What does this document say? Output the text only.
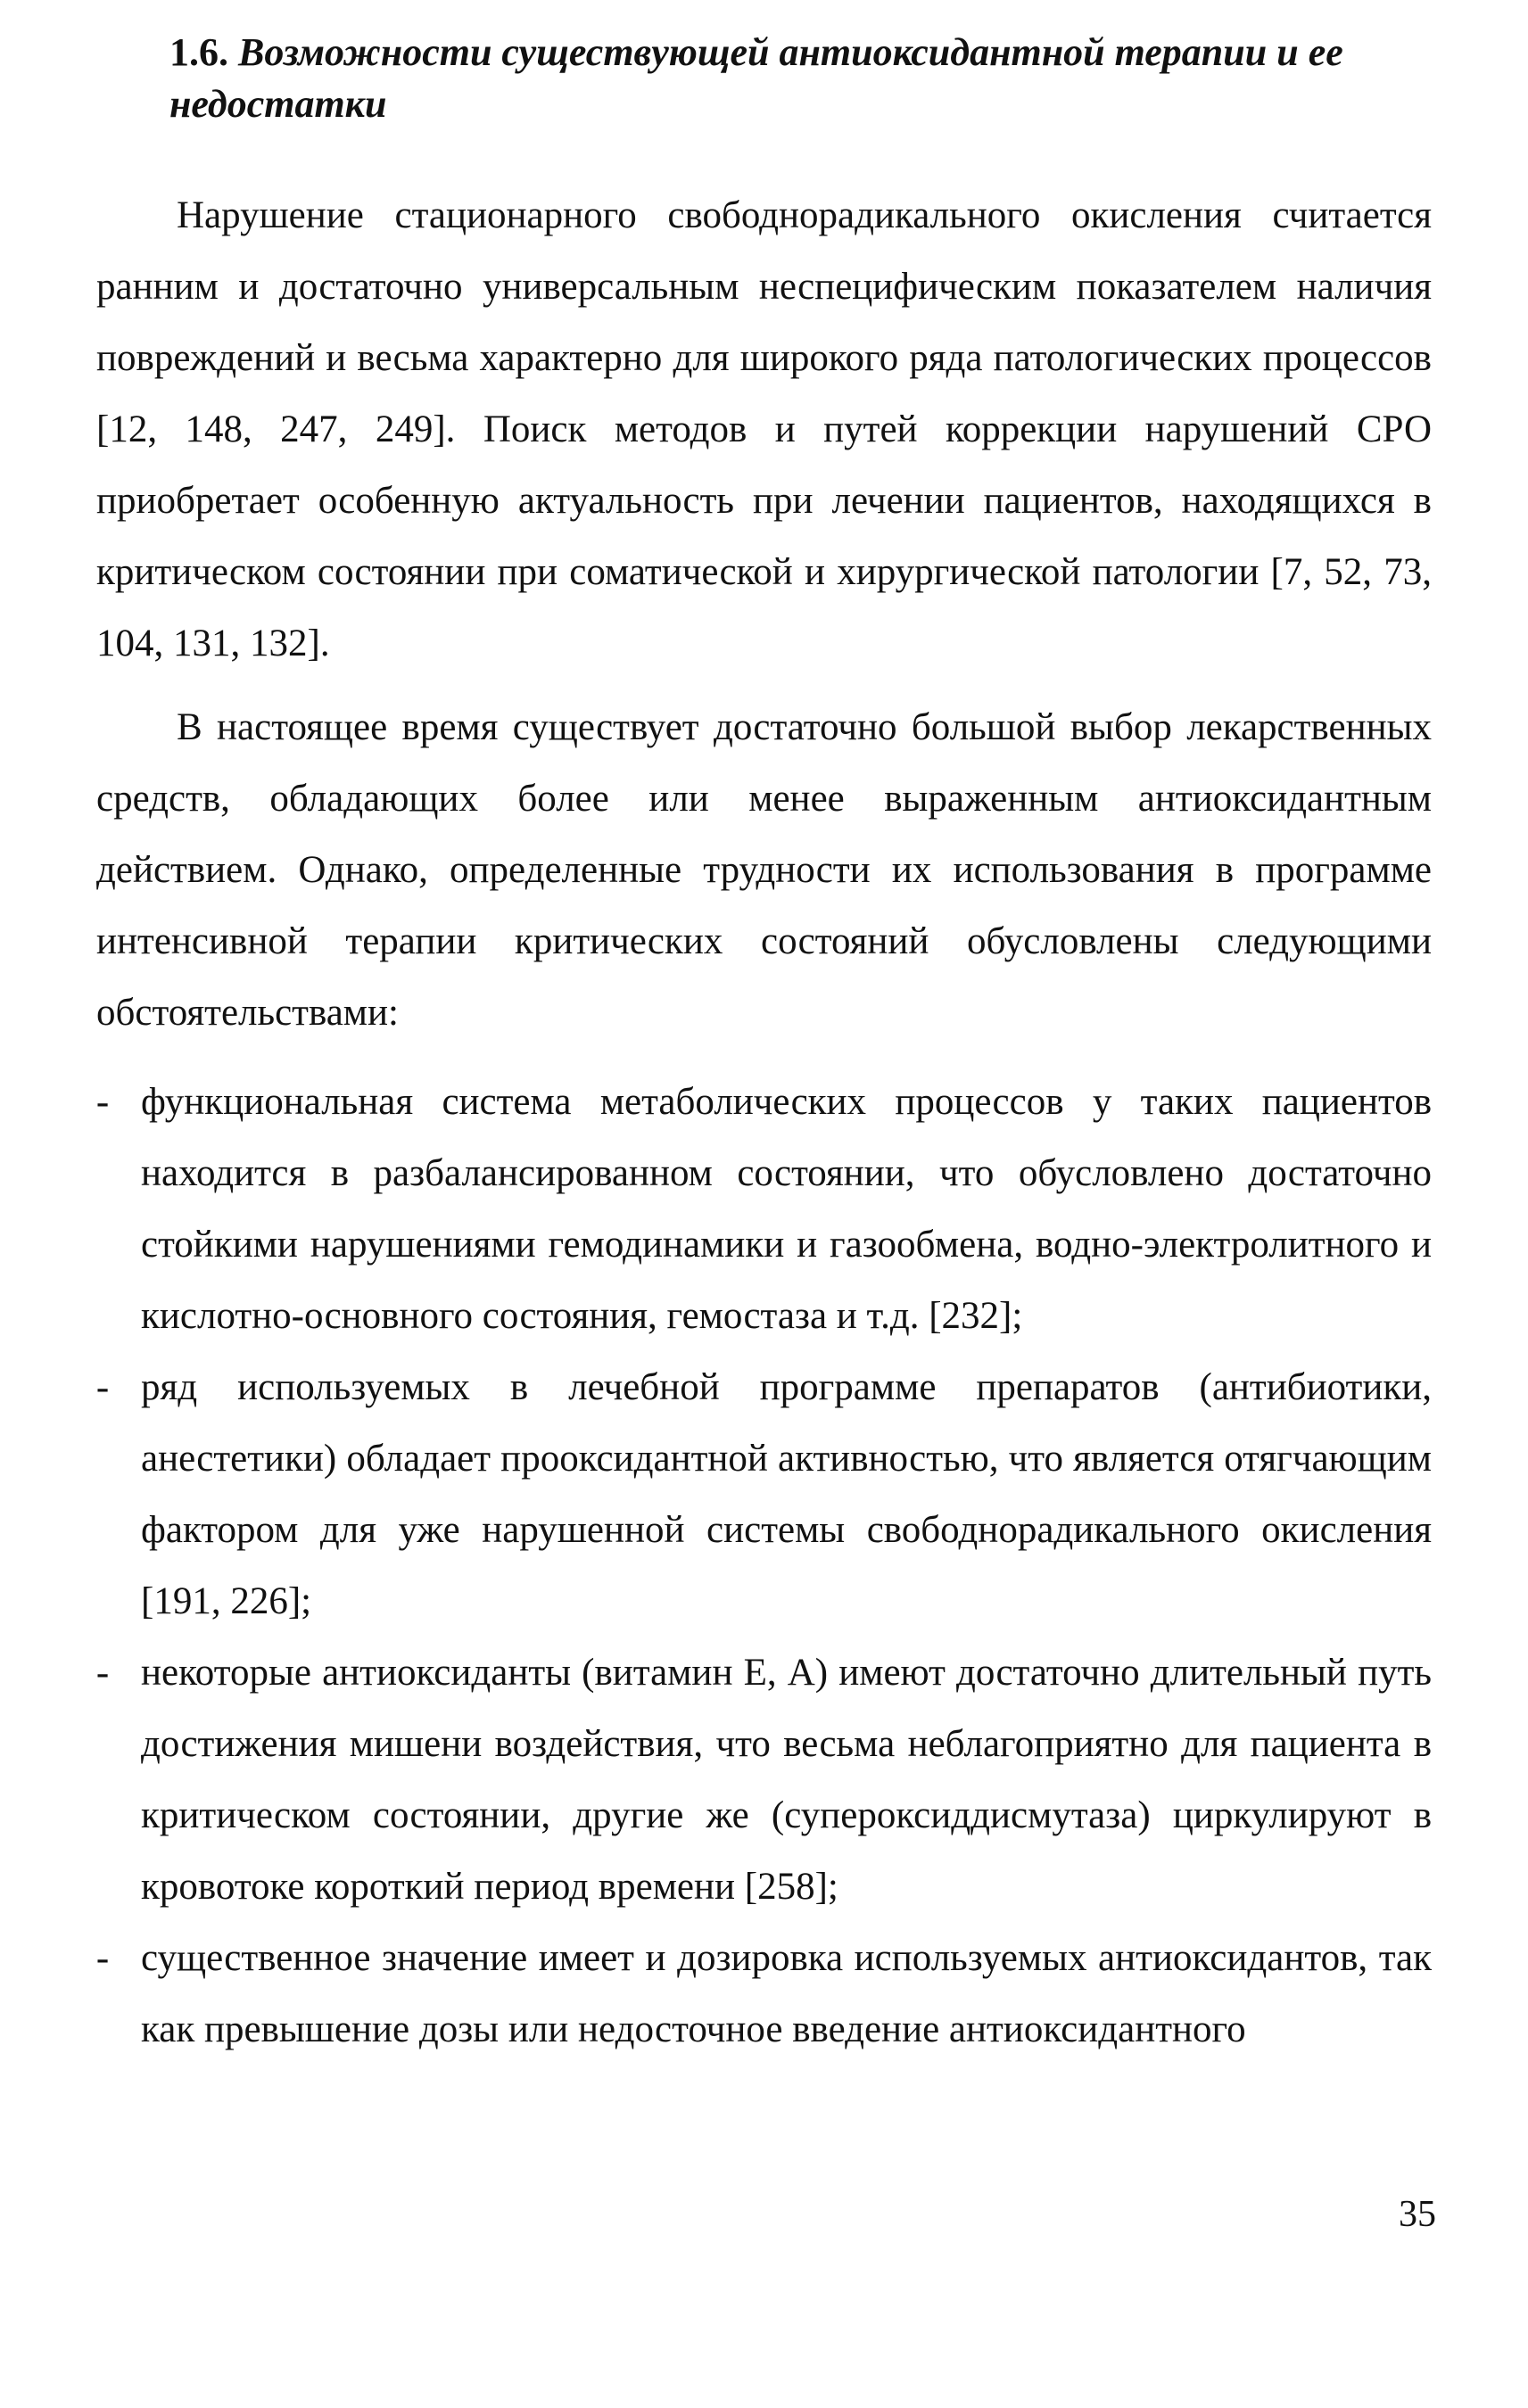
1.6. Возможности существующей антиоксидантной терапии и ее недостатки

Нарушение стационарного свободнорадикального окисления считается ранним и достаточно универсальным неспецифическим показателем наличия повреждений и весьма характерно для широкого ряда патологических процессов [12, 148, 247, 249]. Поиск методов и путей коррекции нарушений СРО приобретает особенную актуальность при лечении пациентов, находящихся в критическом состоянии при соматической и хирургической патологии [7, 52, 73, 104, 131, 132].

В настоящее время существует достаточно большой выбор лекарственных средств, обладающих более или менее выраженным антиоксидантным действием. Однако, определенные трудности их использования в программе интенсивной терапии критических состояний обусловлены следующими обстоятельствами:

- функциональная система метаболических процессов у таких пациентов находится в разбалансированном состоянии, что обусловлено достаточно стойкими нарушениями гемодинамики и газообмена, водно-электролитного и кислотно-основного состояния, гемостаза и т.д. [232];
- ряд используемых в лечебной программе препаратов (антибиотики, анестетики) обладает прооксидантной активностью, что является отягчающим фактором для уже нарушенной системы свободнорадикального окисления [191, 226];
- некоторые антиоксиданты (витамин Е, А) имеют достаточно длительный путь достижения мишени воздействия, что весьма неблагоприятно для пациента в критическом состоянии, другие же (супероксиддисмутаза) циркулируют в кровотоке короткий период времени [258];
- существенное значение имеет и дозировка используемых антиоксидантов, так как превышение дозы или недосточное введение антиоксидантного
35
